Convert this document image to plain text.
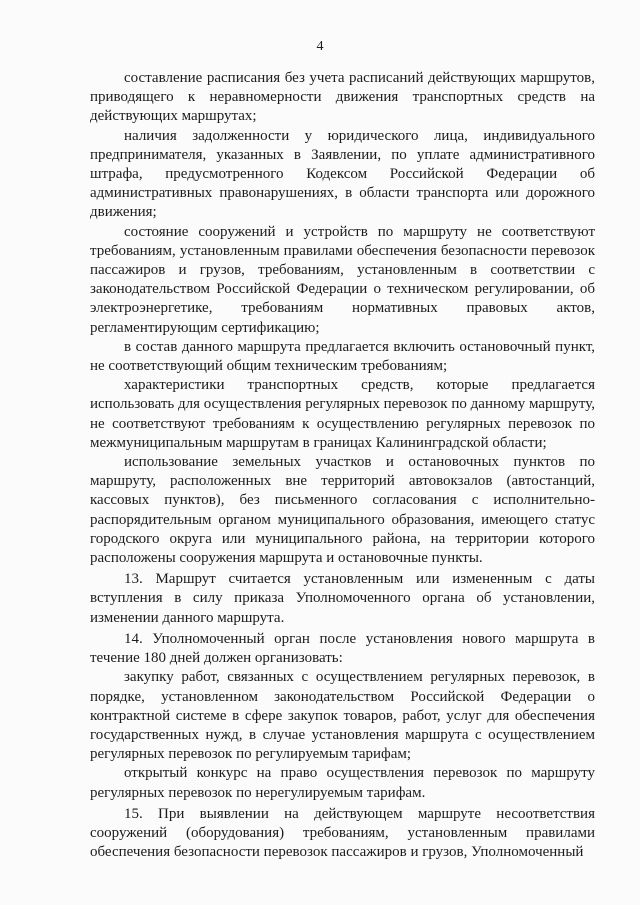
4

составление расписания без учета расписаний действующих маршрутов, приводящего к неравномерности движения транспортных средств на действующих маршрутах;

наличия задолженности у юридического лица, индивидуального предпринимателя, указанных в Заявлении, по уплате административного штрафа, предусмотренного Кодексом Российской Федерации об административных правонарушениях, в области транспорта или дорожного движения;

состояние сооружений и устройств по маршруту не соответствуют требованиям, установленным правилами обеспечения безопасности перевозок пассажиров и грузов, требованиям, установленным в соответствии с законодательством Российской Федерации о техническом регулировании, об электроэнергетике, требованиям нормативных правовых актов, регламентирующим сертификацию;

в состав данного маршрута предлагается включить остановочный пункт, не соответствующий общим техническим требованиям;

характеристики транспортных средств, которые предлагается использовать для осуществления регулярных перевозок по данному маршруту, не соответствуют требованиям к осуществлению регулярных перевозок по межмуниципальным маршрутам в границах Калининградской области;

использование земельных участков и остановочных пунктов по маршруту, расположенных вне территорий автовокзалов (автостанций, кассовых пунктов), без письменного согласования с исполнительно-распорядительным органом муниципального образования, имеющего статус городского округа или муниципального района, на территории которого расположены сооружения маршрута и остановочные пункты.

13. Маршрут считается установленным или измененным с даты вступления в силу приказа Уполномоченного органа об установлении, изменении данного маршрута.

14. Уполномоченный орган после установления нового маршрута в течение 180 дней должен организовать:

закупку работ, связанных с осуществлением регулярных перевозок, в порядке, установленном законодательством Российской Федерации о контрактной системе в сфере закупок товаров, работ, услуг для обеспечения государственных нужд, в случае установления маршрута с осуществлением регулярных перевозок по регулируемым тарифам;

открытый конкурс на право осуществления перевозок по маршруту регулярных перевозок по нерегулируемым тарифам.

15. При выявлении на действующем маршруте несоответствия сооружений (оборудования) требованиям, установленным правилами обеспечения безопасности перевозок пассажиров и грузов, Уполномоченный
